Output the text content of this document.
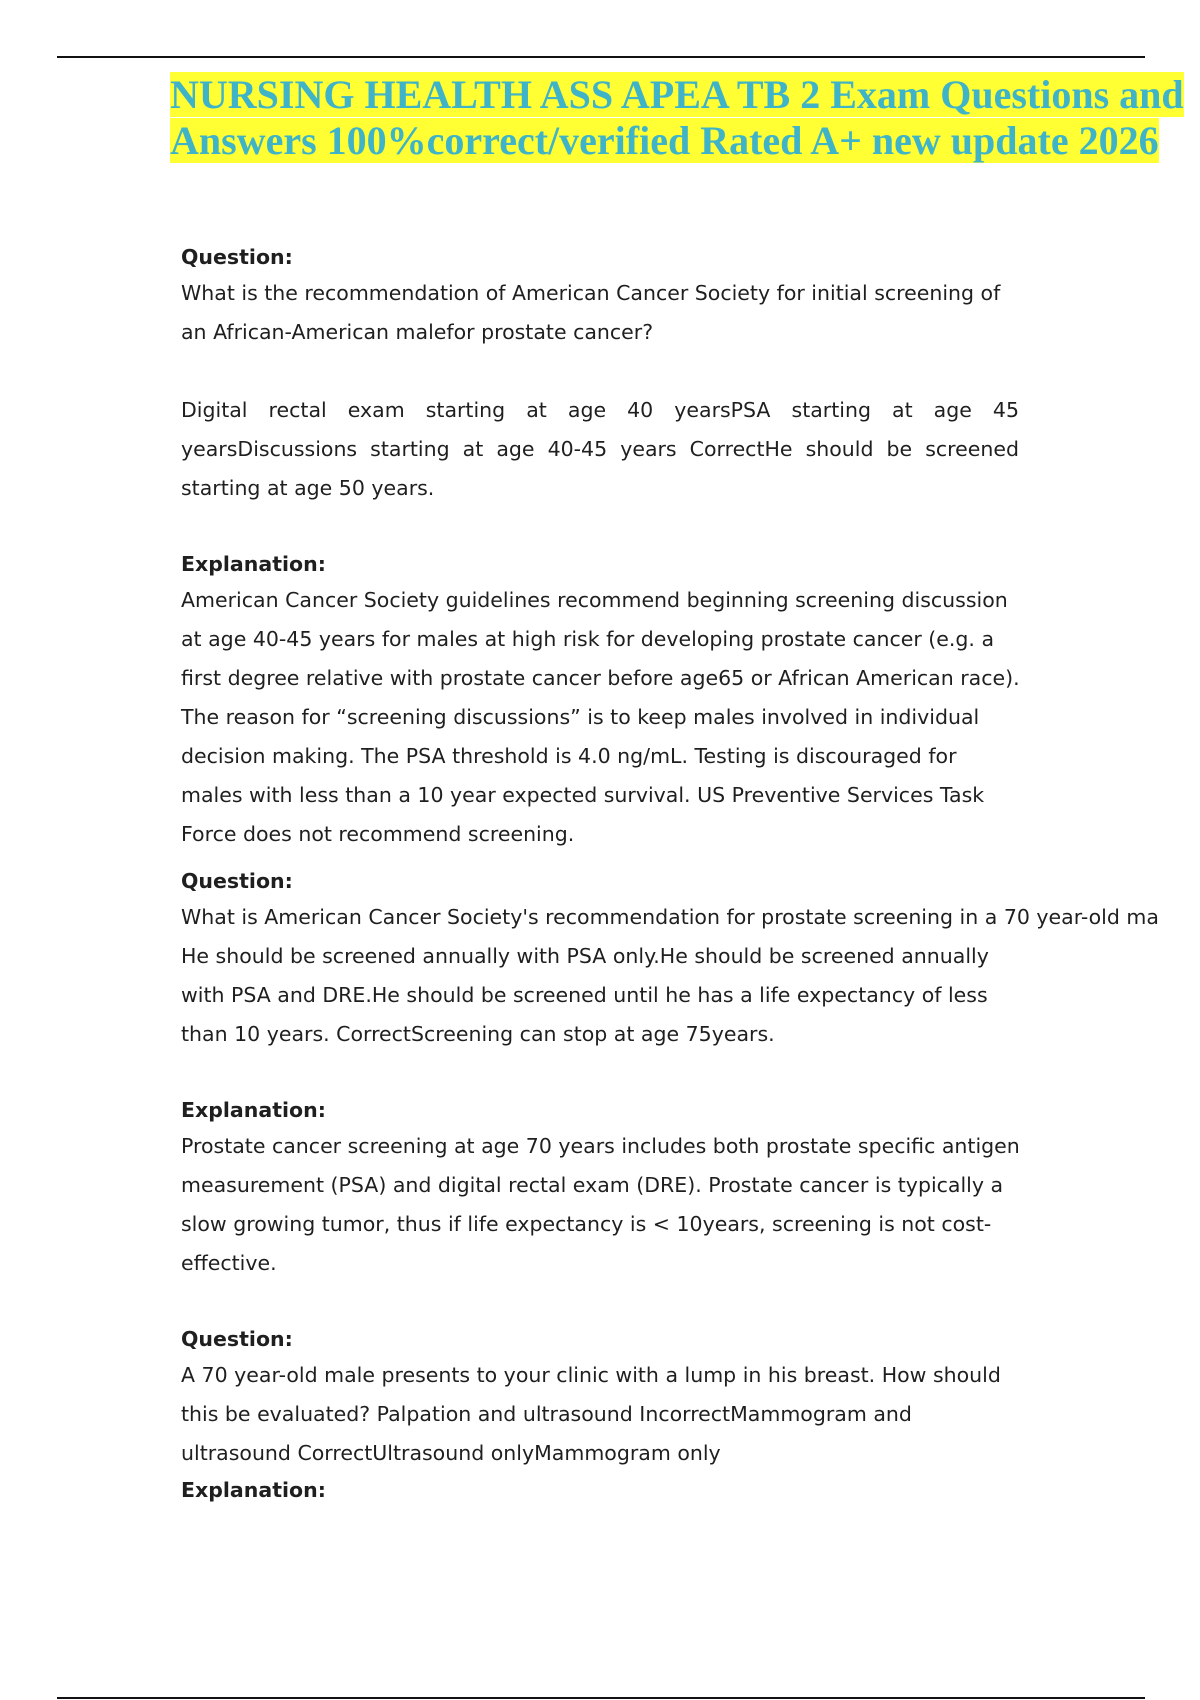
NURSING HEALTH ASS APEA TB 2 Exam Questions and
Answers 100%correct/verified Rated A+ new update 2026
Question:

What is the recommendation of American Cancer Society for initial screening of an African-American malefor prostate cancer?

Digital rectal exam starting at age 40 yearsPSA starting at age 45 yearsDiscussions starting at age 40-45 years CorrectHe should be screened starting at age 50 years.

Explanation:

American Cancer Society guidelines recommend beginning screening discussion at age 40-45 years for males at high risk for developing prostate cancer (e.g. a first degree relative with prostate cancer before age65 or African American race). The reason for “screening discussions” is to keep males involved in individual decision making. The PSA threshold is 4.0 ng/mL. Testing is discouraged for males with less than a 10 year expected survival. US Preventive Services Task Force does not recommend screening.

Question:

What is American Cancer Society's recommendation for prostate screening in a 70 year-old ma

He should be screened annually with PSA only.He should be screened annually with PSA and DRE.He should be screened until he has a life expectancy of less than 10 years. CorrectScreening can stop at age 75years.

Explanation:

Prostate cancer screening at age 70 years includes both prostate specific antigen measurement (PSA) and digital rectal exam (DRE). Prostate cancer is typically a slow growing tumor, thus if life expectancy is < 10years, screening is not cost-effective.

Question:

A 70 year-old male presents to your clinic with a lump in his breast. How should this be evaluated? Palpation and ultrasound IncorrectMammogram and ultrasound CorrectUltrasound onlyMammogram only

Explanation:
